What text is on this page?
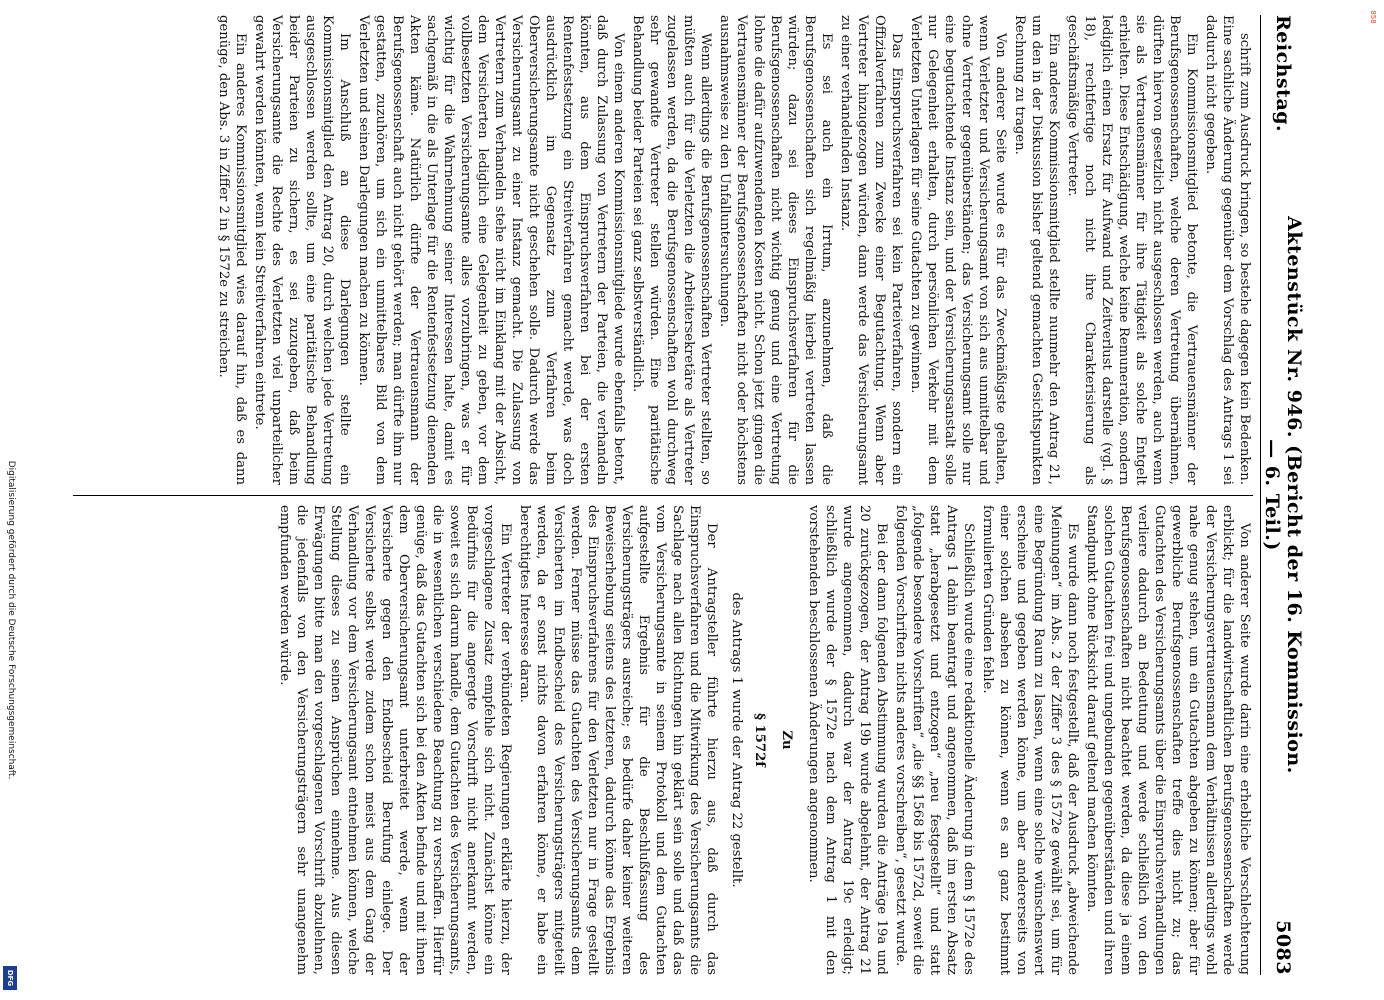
Digitalisierung gefördert durch die Deutsche Forschungsgemeinschaft.
DFG
858
Reichstag.
Aktenstück Nr. 946. (Bericht der 16. Kommission. — 6. Teil.)
5083

schrift zum Ausdruck bringen, so bestehe dagegen kein Bedenken. Eine sachliche Änderung gegenüber dem Vorschlag des Antrags 1 sei dadurch nicht gegeben.

Ein Kommissionsmitglied betonte, die Vertrauensmänner der Berufsgenossenschaften, welche deren Vertretung übernähmen, dürften hiervon gesetzlich nicht ausgeschlossen werden, auch wenn sie als Vertrauensmänner für ihre Tätigkeit als solche Entgelt erhielten. Diese Entschädigung, welche keine Remuneration, sondern lediglich einen Ersatz für Aufwand und Zeitverlust darstelle (vgl. § 18), rechtfertige noch nicht ihre Charakterisierung als geschäftsmäßige Vertreter.

Ein anderes Kommissionsmitglied stellte nunmehr den Antrag 21, um den in der Diskussion bisher geltend gemachten Gesichtspunkten Rechnung zu tragen.

Von anderer Seite wurde es für das Zweckmäßigste gehalten, wenn Verletzter und Versicherungsamt von sich aus unmittelbar und ohne Vertreter gegenüberständen; das Versicherungsamt solle nur eine begutachtende Instanz sein, und der Versicherungsanstalt solle nur Gelegenheit erhalten, durch persönlichen Verkehr mit dem Verletzten Unterlagen für seine Gutachten zu gewinnen.

Das Einspruchsverfahren sei kein Parteiverfahren, sondern ein Offizialverfahren zum Zwecke einer Begutachtung. Wenn aber Vertreter hinzugezogen würden, dann werde das Versicherungsamt zu einer verhandelnden Instanz.

Es sei auch ein Irrtum, anzunehmen, daß die Berufsgenossenschaften sich regelmäßig hierbei vertreten lassen würden; dazu sei dieses Einspruchsverfahren für die Berufsgenossenschaften nicht wichtig genug und eine Vertretung lohne die dafür aufzuwendenden Kosten nicht. Schon jetzt gingen die Vertrauensmänner der Berufsgenossenschaften nicht oder höchstens ausnahmsweise zu den Unfalluntersuchungen.

Wenn allerdings die Berufsgenossenschaften Vertreter stellten, so müßten auch für die Verletzten die Arbeitersekretäre als Vertreter zugelassen werden, da die Berufsgenossenschaften wohl durchweg sehr gewandte Vertreter stellen würden. Eine paritätische Behandlung beider Parteien sei ganz selbstverständlich.

Von einem anderen Kommissionsmitgliede wurde ebenfalls betont, daß durch Zulassung von Vertretern der Parteien, die verhandeln könnten, aus dem Einspruchsverfahren bei der ersten Rentenfestsetzung ein Streitverfahren gemacht werde, was doch ausdrücklich im Gegensatz zum Verfahren beim Oberversicherungsamte nicht geschehen solle. Dadurch werde das Versicherungsamt zu einer Instanz gemacht. Die Zulassung von Vertretern zum Verhandeln stehe nicht im Einklang mit der Absicht, dem Versicherten lediglich eine Gelegenheit zu geben, vor dem vollbesetzten Versicherungsamte alles vorzubringen, was er für wichtig für die Wahrnehmung seiner Interessen halte, damit es sachgemäß in die als Unterlage für die Rentenfestsetzung dienenden Akten käme. Natürlich dürfte der Vertrauensmann der Berufsgenossenschaft auch nicht gehört werden; man dürfte ihm nur gestatten, zuzuhören, um sich ein unmittelbares Bild von dem Verletzten und seinen Darlegungen machen zu können.

Im Anschluß an diese Darlegungen stellte ein Kommissionsmitglied den Antrag 20, durch welchen jede Vertretung ausgeschlossen werden sollte, um eine paritätische Behandlung beider Parteien zu sichern, es sei zuzugeben, daß beim Versicherungsamte die Rechte des Verletzten viel unparteilicher gewahrt werden könnten, wenn kein Streitverfahren eintrete.

Ein anderes Kommissionsmitglied wies darauf hin, daß es dann genüge, den Abs. 3 in Ziffer 2 in § 1572e zu streichen.

Von anderer Seite wurde darin eine erhebliche Verschlechterung erblickt; für die landwirtschaftlichen Berufsgenossenschaften werde der Versicherungsvertrauensmann dem Verhältnissen allerdings wohl nahe genug stehen, um ein Gutachten abgeben zu können; aber für gewerbliche Berufsgenossenschaften treffe dies nicht zu; das Gutachten des Versicherungsamts über die Einspruchsverhandlungen verliere dadurch an Bedeutung und werde schließlich von den Berufsgenossenschaften nicht beachtet werden, da diese ja einem solchen Gutachten frei und ungebunden gegenüberständen und ihren Standpunkt ohne Rücksicht darauf geltend machen könnten.

Es wurde dann noch festgestellt, daß der Ausdruck „abweichende Meinungen“ im Abs. 2 der Ziffer 3 des § 1572e gewählt sei, um für eine Begründung Raum zu lassen, wenn eine solche wünschenswert erscheine und gegeben werden könne, um aber andererseits von einer solchen absehen zu können, wenn es an ganz bestimmt formulierten Gründen fehle.

Schließlich wurde eine redaktionelle Änderung in dem § 1572e des Antrags 1 dahin beantragt und angenommen, daß im ersten Absatz statt „herabgesetzt und entzogen“ „neu festgestellt“ und statt „folgende besondere Vorschriften“ „die §§ 1568 bis 1572d, soweit die folgenden Vorschriften nichts anderes vorschreiben“, gesetzt wurde.

Bei der dann folgenden Abstimmung wurden die Anträge 19a und 20 zurückgezogen, der Antrag 19b wurde abgelehnt, der Antrag 21 wurde angenommen, dadurch war der Antrag 19c erledigt; schließlich wurde der § 1572e nach dem Antrag 1 mit den vorstehenden beschlossenen Änderungen angenommen.

Zu

§ 1572f

des Antrags 1 wurde der Antrag 22 gestellt.

Der Antragsteller führte hierzu aus, daß durch das Einspruchsverfahren und die Mitwirkung des Versicherungsamts die Sachlage nach allen Richtungen hin geklärt sein solle und daß das vom Versicherungsamte in seinem Protokoll und dem Gutachten aufgestellte Ergebnis für die Beschlußfassung des Versicherungsträgers ausreiche; es bedürfe daher keiner weiteren Beweiserhebung seitens des letzteren, dadurch könne das Ergebnis des Einspruchsverfahrens für den Verletzten nur in Frage gestellt werden. Ferner müsse das Gutachten des Versicherungsamts dem Versicherten im Endbescheid des Versicherungsträgers mitgeteilt werden, da er sonst nichts davon erfahren könne, er habe ein berechtigtes Interesse daran.

Ein Vertreter der verbündeten Regierungen erklärte hierzu, der vorgeschlagene Zusatz empfehle sich nicht. Zunächst könne ein Bedürfnis für die angeregte Vorschrift nicht anerkannt werden, soweit es sich darum handle, dem Gutachten des Versicherungsamts, die in wesentlichen verschiedene Beachtung zu verschaffen. Hierfür genüge, daß das Gutachten sich bei den Akten befinde und mit ihnen dem Oberversicherungsamt unterbreitet werde, wenn der Versicherte gegen den Endbescheid Berufung einlege. Der Versicherte selbst werde zudem schon meist aus dem Gang der Verhandlung vor dem Versicherungsamt entnehmen können, welche Stellung dieses zu seinen Ansprüchen einnehme. Aus diesen Erwägungen bitte man den vorgeschlagenen Vorschrift abzulehnen, die jedenfalls von den Versicherungsträgern sehr unangenehm empfunden werden würde.
